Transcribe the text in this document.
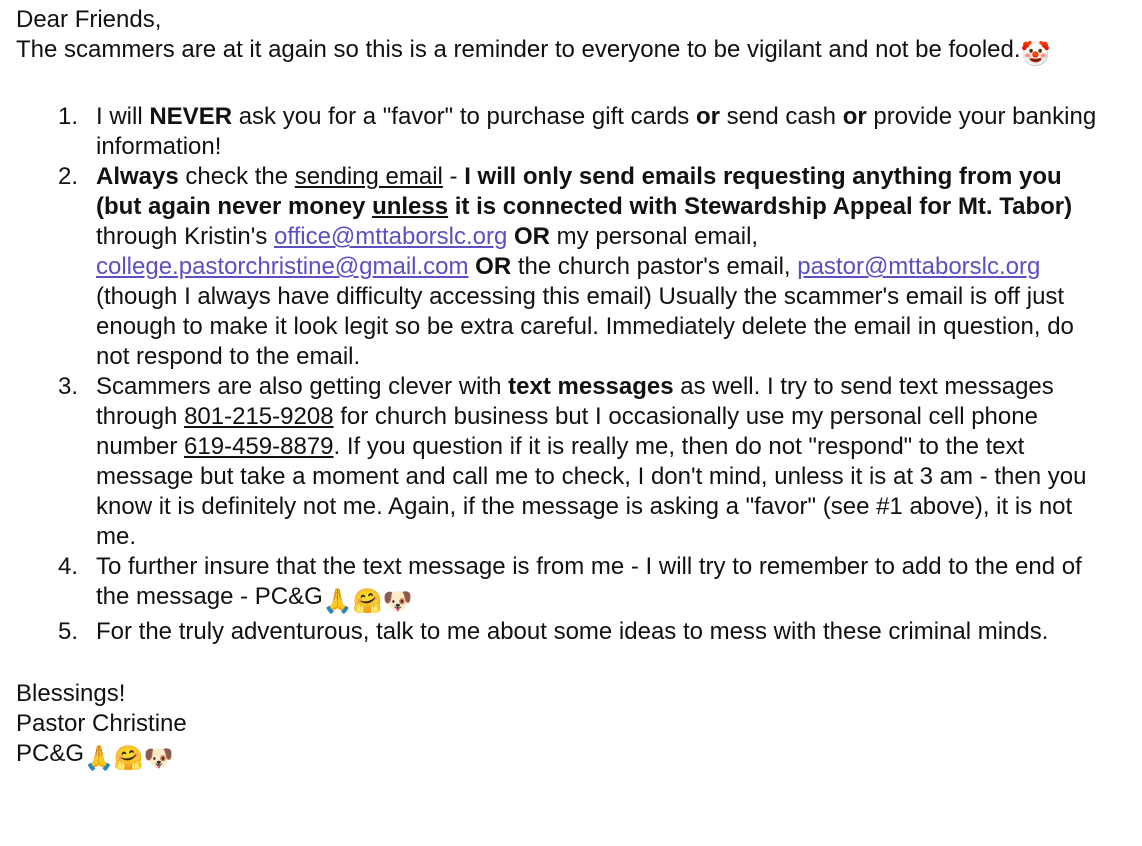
Dear Friends,

The scammers are at it again so this is a reminder to everyone to be vigilant and not be fooled.🤡

1. I will NEVER ask you for a "favor" to purchase gift cards or send cash or provide your banking information!
2. Always check the sending email - I will only send emails requesting anything from you (but again never money unless it is connected with Stewardship Appeal for Mt. Tabor) through Kristin's office@mttaborslc.org OR my personal email, college.pastorchristine@gmail.com OR the church pastor's email, pastor@mttaborslc.org (though I always have difficulty accessing this email) Usually the scammer's email is off just enough to make it look legit so be extra careful. Immediately delete the email in question, do not respond to the email.
3. Scammers are also getting clever with text messages as well. I try to send text messages through 801-215-9208 for church business but I occasionally use my personal cell phone number 619-459-8879. If you question if it is really me, then do not "respond" to the text message but take a moment and call me to check, I don't mind, unless it is at 3 am - then you know it is definitely not me. Again, if the message is asking a "favor" (see #1 above), it is not me.
4. To further insure that the text message is from me - I will try to remember to add to the end of the message - PC&G🙏🤗🐶
5. For the truly adventurous, talk to me about some ideas to mess with these criminal minds.

Blessings!

Pastor Christine

PC&G🙏🤗🐶
